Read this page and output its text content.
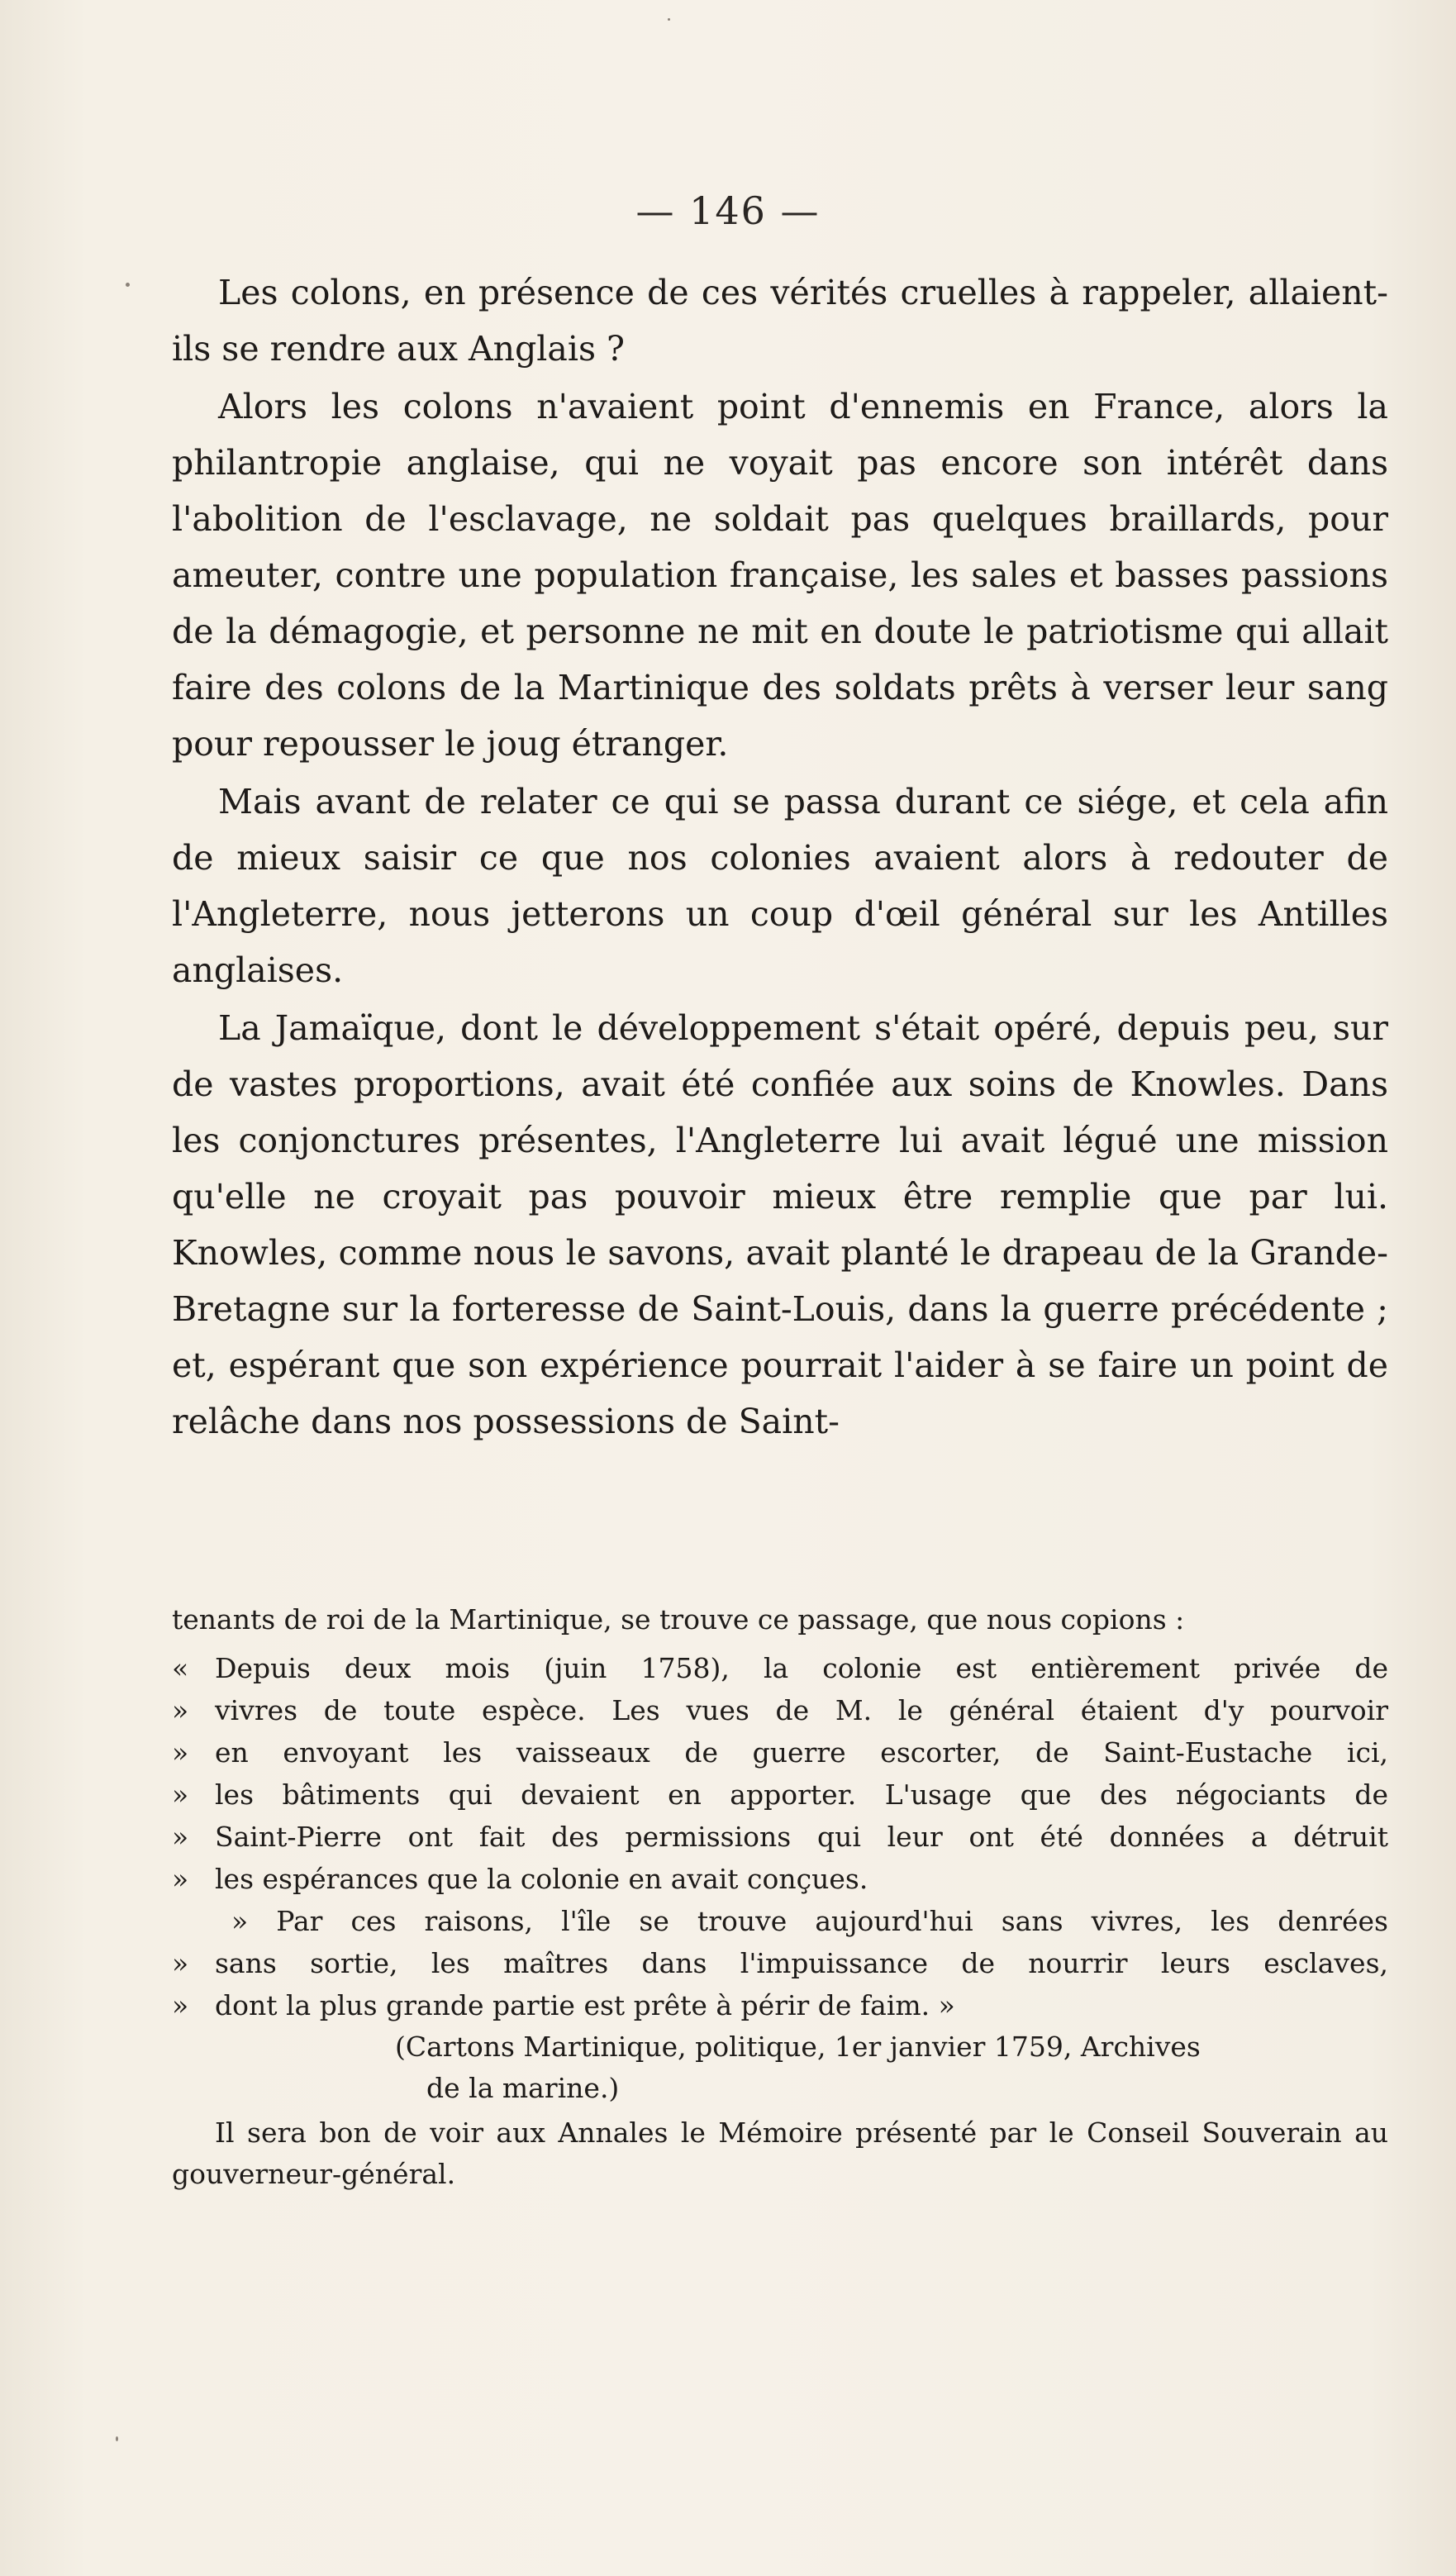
— 146 —

Les colons, en présence de ces vérités cruelles à rappeler, allaient-ils se rendre aux Anglais ?

Alors les colons n'avaient point d'ennemis en France, alors la philantropie anglaise, qui ne voyait pas encore son intérêt dans l'abolition de l'esclavage, ne soldait pas quelques braillards, pour ameuter, contre une population française, les sales et basses passions de la démagogie, et personne ne mit en doute le patriotisme qui allait faire des colons de la Martinique des soldats prêts à verser leur sang pour repousser le joug étranger.

Mais avant de relater ce qui se passa durant ce siége, et cela afin de mieux saisir ce que nos colonies avaient alors à redouter de l'Angleterre, nous jetterons un coup d'œil général sur les Antilles anglaises.

La Jamaïque, dont le développement s'était opéré, depuis peu, sur de vastes proportions, avait été confiée aux soins de Knowles. Dans les conjonctures présentes, l'Angleterre lui avait légué une mission qu'elle ne croyait pas pouvoir mieux être remplie que par lui. Knowles, comme nous le savons, avait planté le drapeau de la Grande-Bretagne sur la forteresse de Saint-Louis, dans la guerre précédente ; et, espérant que son expérience pourrait l'aider à se faire un point de relâche dans nos possessions de Saint-

tenants de roi de la Martinique, se trouve ce passage, que nous copions :

« Depuis deux mois (juin 1758), la colonie est entièrement privée de
» vivres de toute espèce. Les vues de M. le général étaient d'y pourvoir
» en envoyant les vaisseaux de guerre escorter, de Saint-Eustache ici,
» les bâtiments qui devaient en apporter. L'usage que des négociants de
» Saint-Pierre ont fait des permissions qui leur ont été données a détruit
» les espérances que la colonie en avait conçues.
» Par ces raisons, l'île se trouve aujourd'hui sans vivres, les denrées
» sans sortie, les maîtres dans l'impuissance de nourrir leurs esclaves,
» dont la plus grande partie est prête à périr de faim. »

(Cartons Martinique, politique, 1er janvier 1759, Archives

de la marine.)

Il sera bon de voir aux Annales le Mémoire présenté par le Conseil Souverain au gouverneur-général.
